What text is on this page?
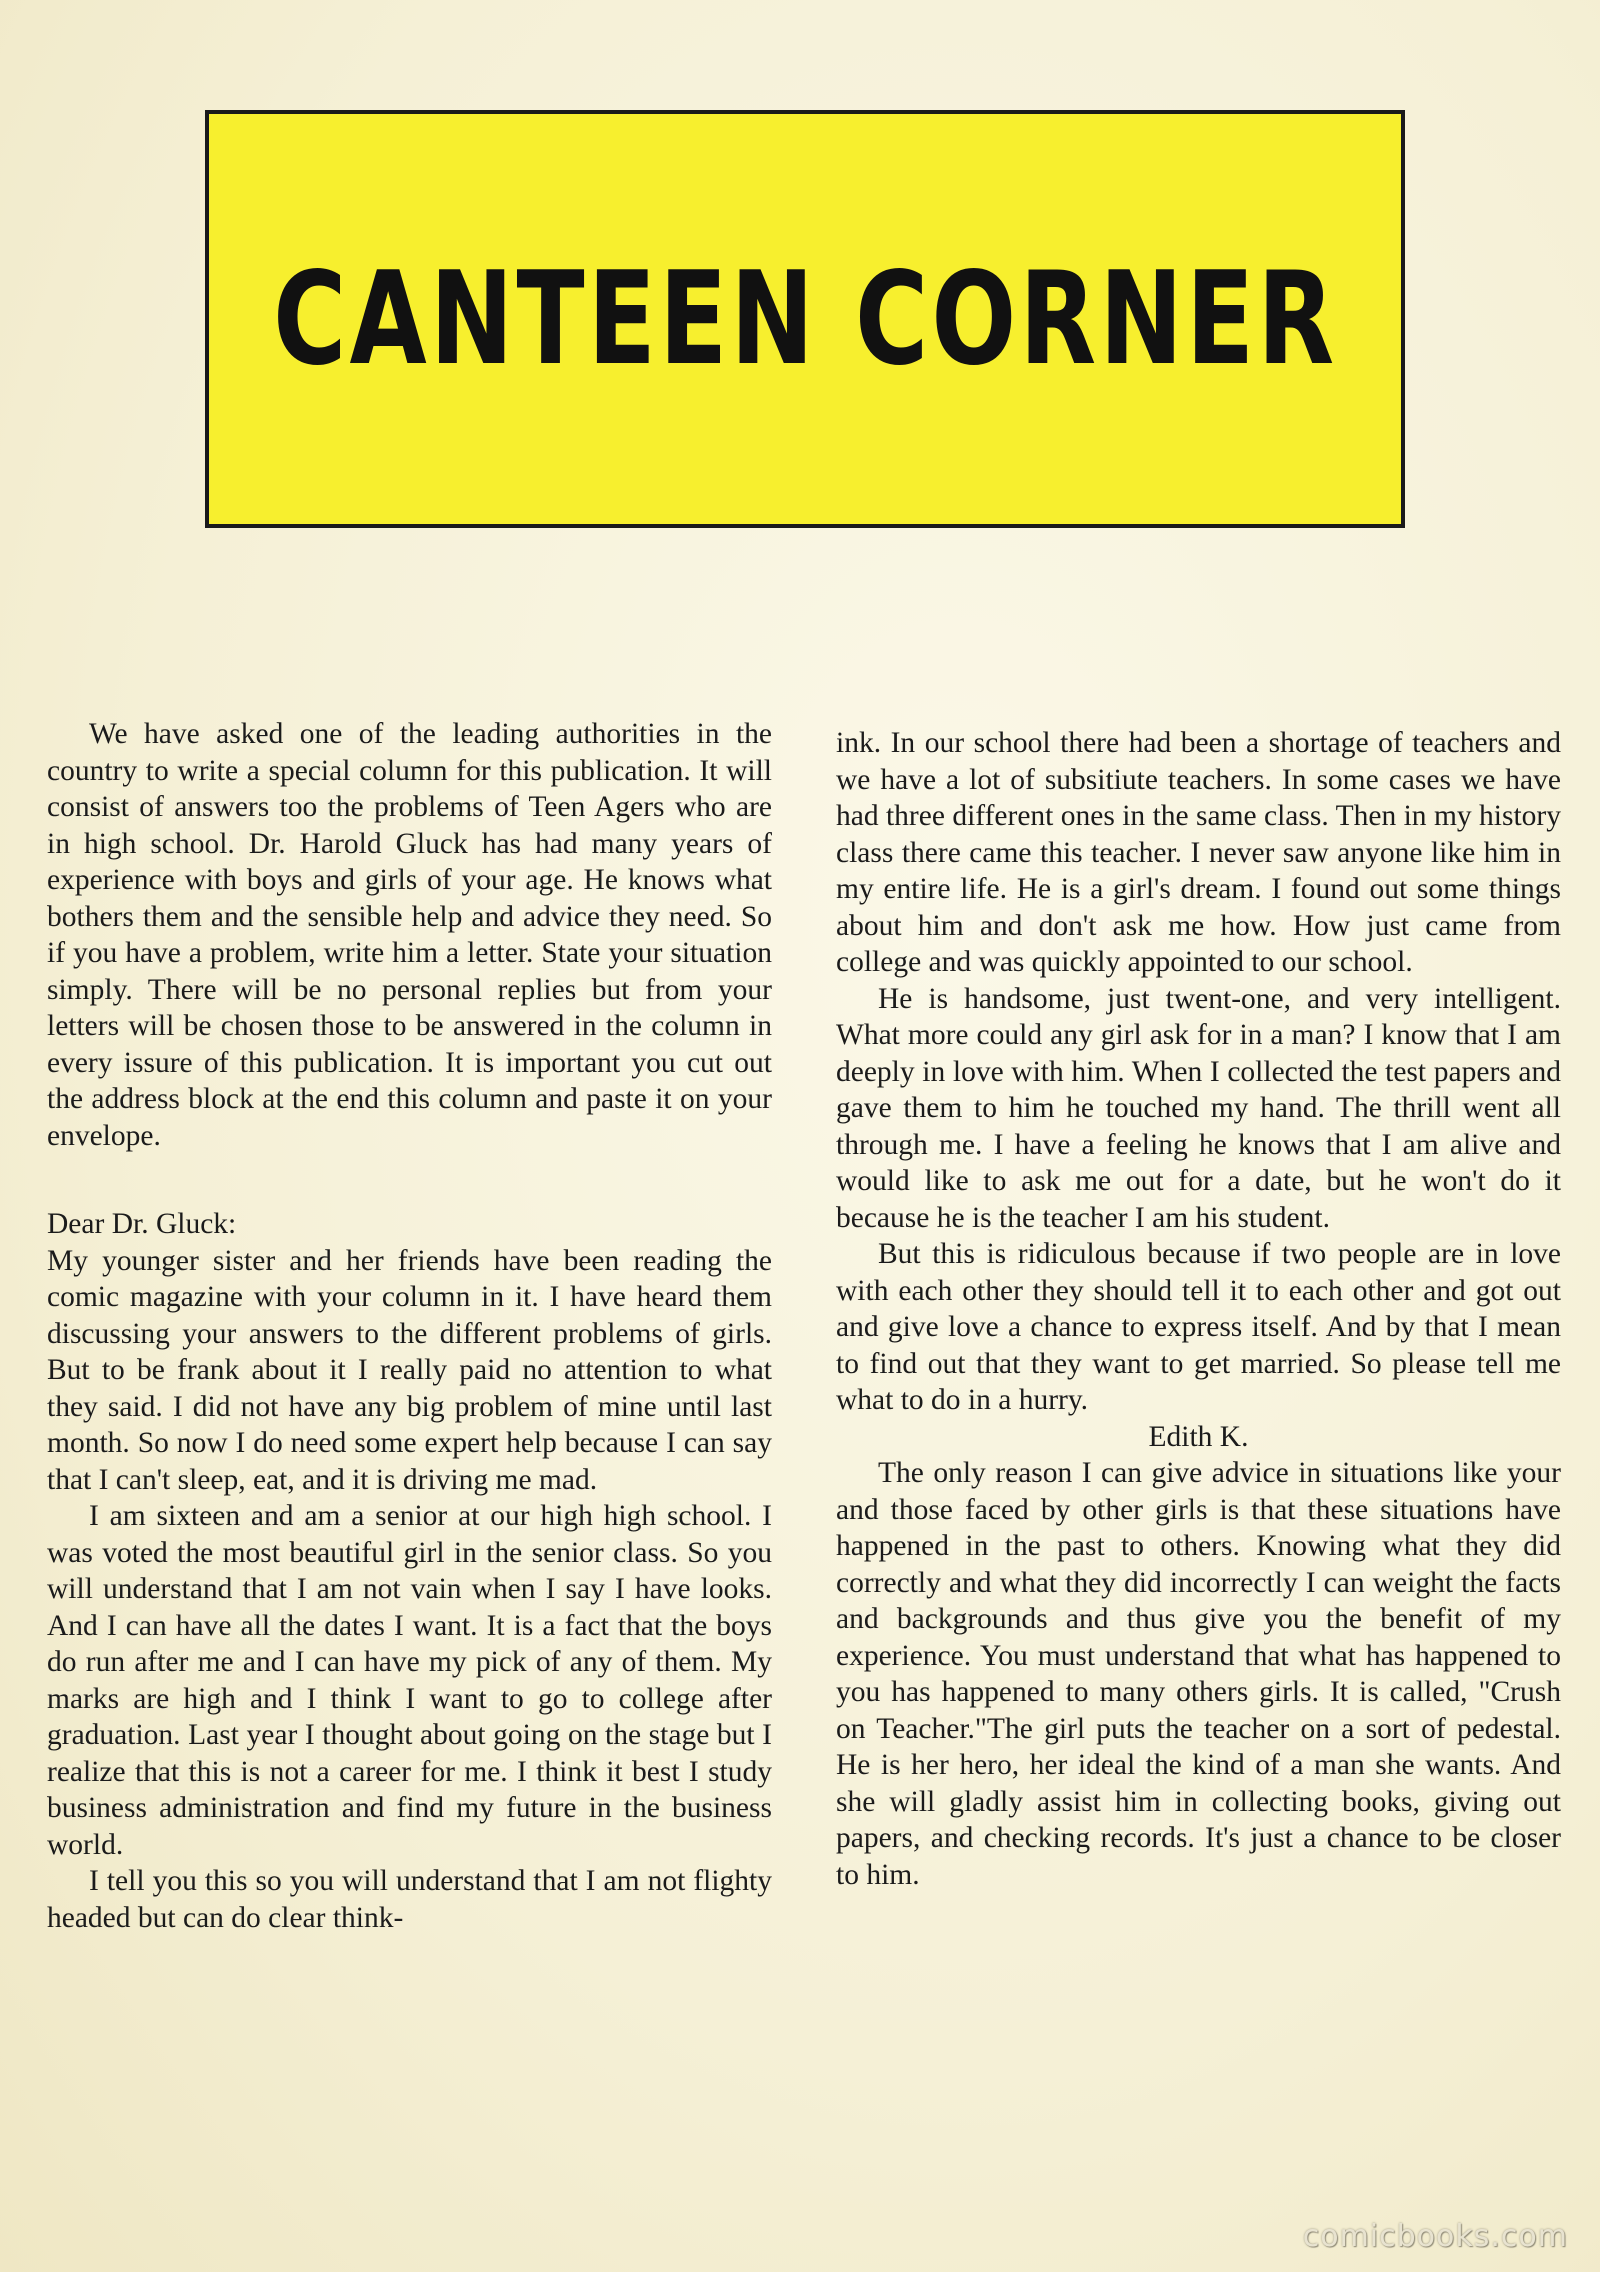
CANTEEN CORNER

We have asked one of the leading authorities in the country to write a special column for this publication. It will consist of answers too the problems of Teen Agers who are in high school. Dr. Harold Gluck has had many years of experience with boys and girls of your age. He knows what bothers them and the sensible help and advice they need. So if you have a problem, write him a letter. State your situation simply. There will be no personal replies but from your letters will be chosen those to be answered in the column in every issure of this publication. It is important you cut out the address block at the end this column and paste it on your envelope.

Dear Dr. Gluck:

My younger sister and her friends have been reading the comic magazine with your column in it. I have heard them discussing your answers to the different problems of girls. But to be frank about it I really paid no attention to what they said. I did not have any big problem of mine until last month. So now I do need some expert help because I can say that I can't sleep, eat, and it is driving me mad.

I am sixteen and am a senior at our high high school. I was voted the most beautiful girl in the senior class. So you will understand that I am not vain when I say I have looks. And I can have all the dates I want. It is a fact that the boys do run after me and I can have my pick of any of them. My marks are high and I think I want to go to college after graduation. Last year I thought about going on the stage but I realize that this is not a career for me. I think it best I study business administration and find my future in the business world.

I tell you this so you will understand that I am not flighty headed but can do clear think-

ink. In our school there had been a shortage of teachers and we have a lot of subsitiute teachers. In some cases we have had three different ones in the same class. Then in my history class there came this teacher. I never saw anyone like him in my entire life. He is a girl's dream. I found out some things about him and don't ask me how. How just came from college and was quickly appointed to our school.

He is handsome, just twent-one, and very intelligent. What more could any girl ask for in a man? I know that I am deeply in love with him. When I collected the test papers and gave them to him he touched my hand. The thrill went all through me. I have a feeling he knows that I am alive and would like to ask me out for a date, but he won't do it because he is the teacher I am his student.

But this is ridiculous because if two people are in love with each other they should tell it to each other and got out and give love a chance to express itself. And by that I mean to find out that they want to get married. So please tell me what to do in a hurry.

Edith K.

The only reason I can give advice in situations like your and those faced by other girls is that these situations have happened in the past to others. Knowing what they did correctly and what they did incorrectly I can weight the facts and backgrounds and thus give you the benefit of my experience. You must understand that what has happened to you has happened to many others girls. It is called, "Crush on Teacher."The girl puts the teacher on a sort of pedestal. He is her hero, her ideal the kind of a man she wants. And she will gladly assist him in collecting books, giving out papers, and checking records. It's just a chance to be closer to him.

comicbooks.com
